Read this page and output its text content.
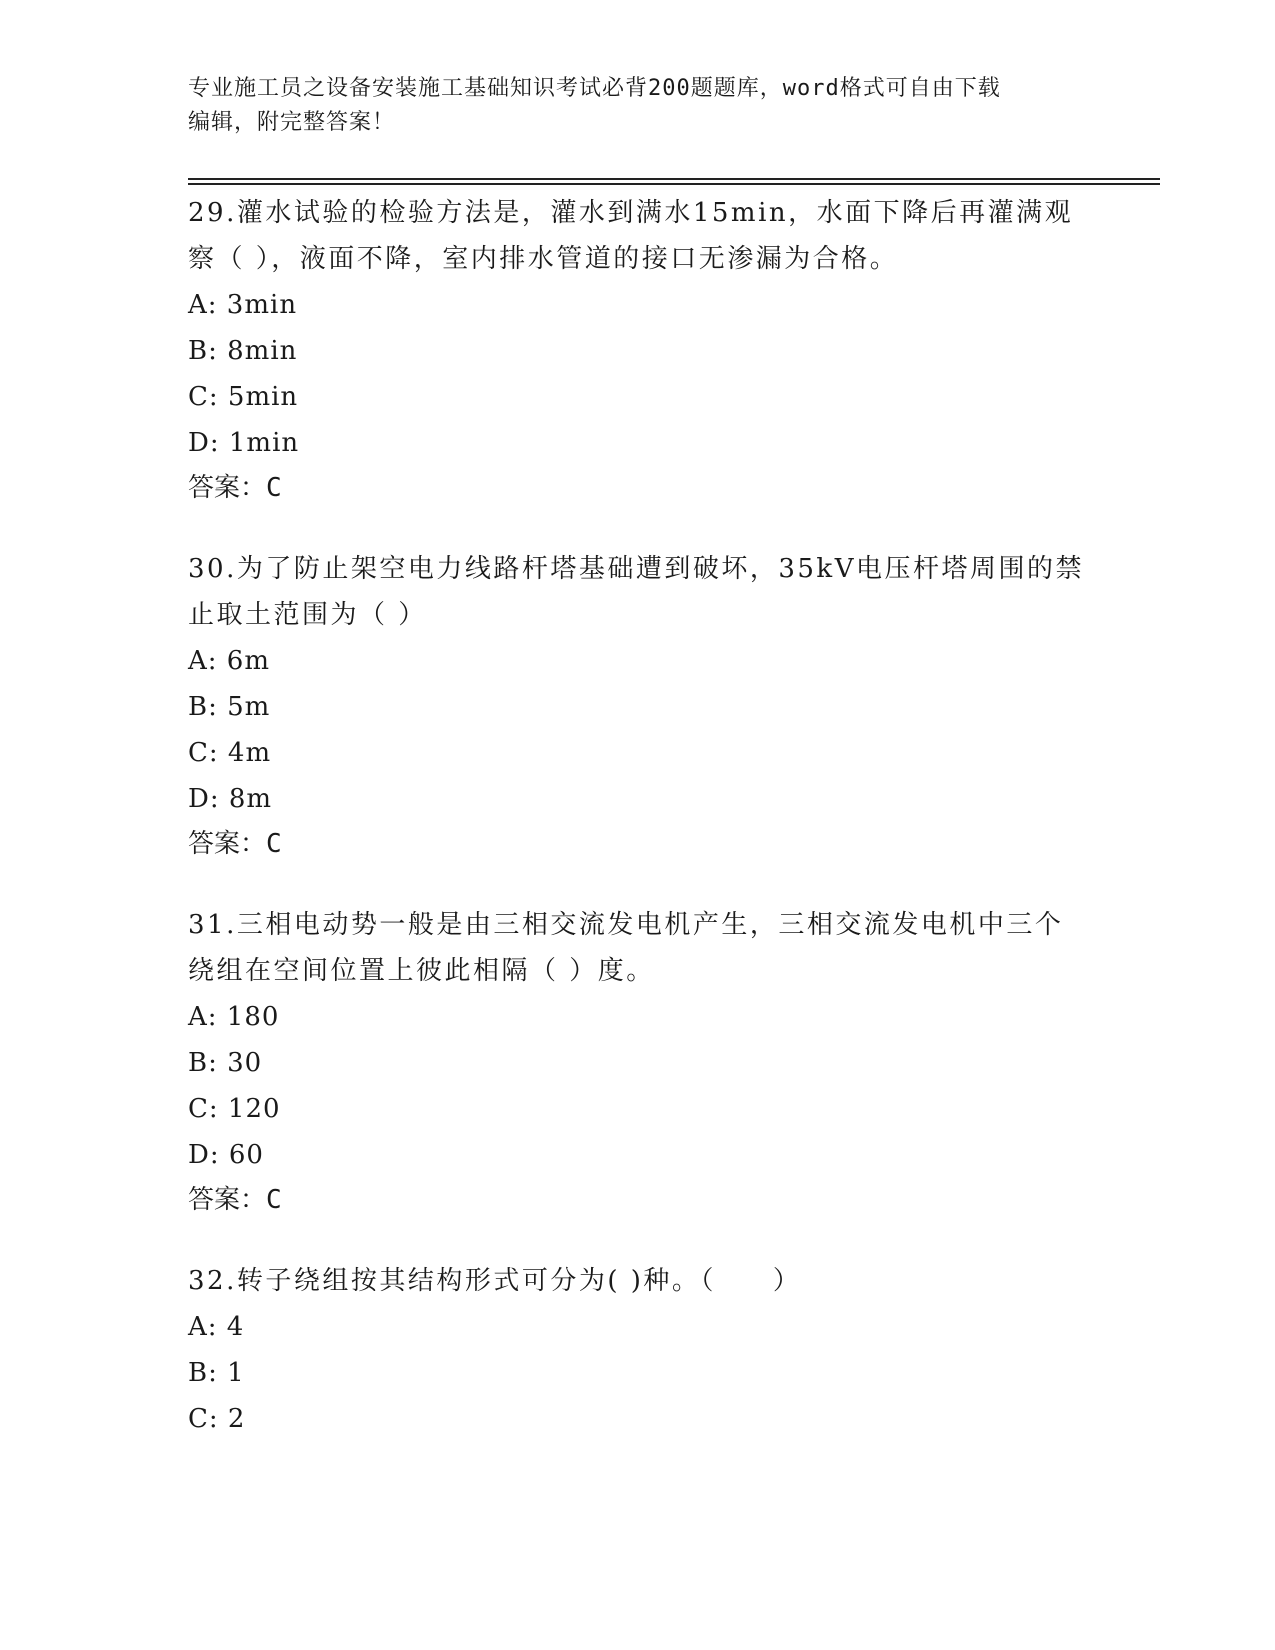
专业施工员之设备安装施工基础知识考试必背200题题库，word格式可自由下载
编辑，附完整答案！
29.灌水试验的检验方法是，灌水到满水15min，水面下降后再灌满观
察（ ），液面不降，室内排水管道的接口无渗漏为合格。
A: 3min
B: 8min
C: 5min
D: 1min
答案：C
30.为了防止架空电力线路杆塔基础遭到破坏，35kV电压杆塔周围的禁
止取土范围为（ ）
A: 6m
B: 5m
C: 4m
D: 8m
答案：C
31.三相电动势一般是由三相交流发电机产生，三相交流发电机中三个
绕组在空间位置上彼此相隔（ ）度。
A: 180
B: 30
C: 120
D: 60
答案：C
32.转子绕组按其结构形式可分为( )种。（　　）
A: 4
B: 1
C: 2
